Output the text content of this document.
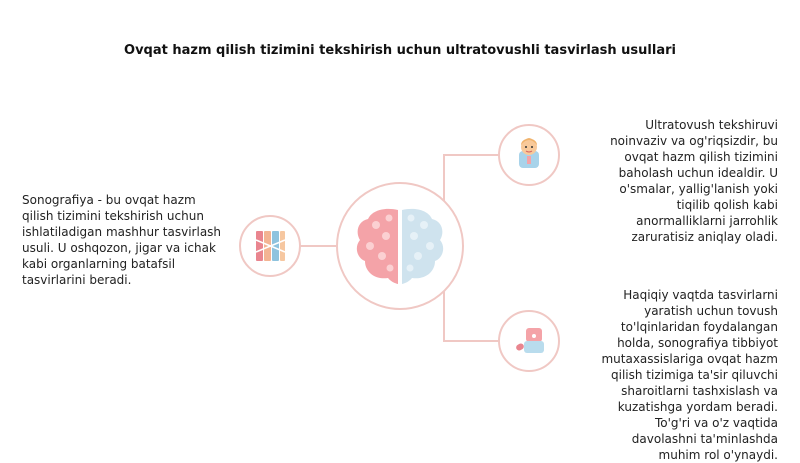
Ovqat hazm qilish tizimini tekshirish uchun ultratovushli tasvirlash usullari
Sonografiya - bu ovqat hazm qilish tizimini tekshirish uchun ishlatiladigan mashhur tasvirlash usuli. U oshqozon, jigar va ichak kabi organlarning batafsil tasvirlarini beradi.
Ultratovush tekshiruvi noinvaziv va og'riqsizdir, bu ovqat hazm qilish tizimini baholash uchun idealdir. U o'smalar, yallig'lanish yoki tiqilib qolish kabi anormalliklarni jarrohlik zaruratisiz aniqlay oladi.
Haqiqiy vaqtda tasvirlarni yaratish uchun tovush to'lqinlaridan foydalangan holda, sonografiya tibbiyot mutaxassislariga ovqat hazm qilish tizimiga ta'sir qiluvchi sharoitlarni tashxislash va kuzatishga yordam beradi. To'g'ri va o'z vaqtida davolashni ta'minlashda muhim rol o'ynaydi.
